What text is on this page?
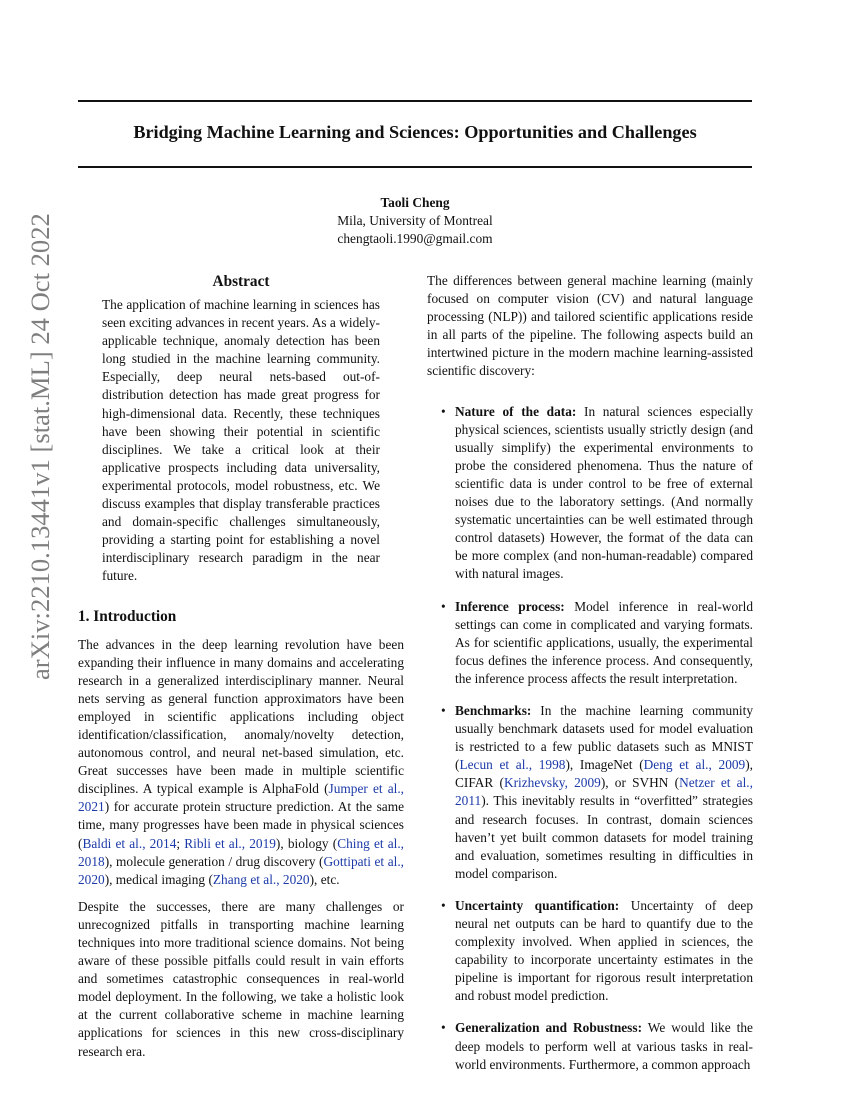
Bridging Machine Learning and Sciences: Opportunities and Challenges
Taoli Cheng
Mila, University of Montreal
chengtaoli.1990@gmail.com
arXiv:2210.13441v1 [stat.ML] 24 Oct 2022	Abstract
The application of machine learning in sciences has seen exciting advances in recent years. As a widely-applicable technique, anomaly detection has been long studied in the machine learning community. Especially, deep neural nets-based out-of-distribution detection has made great progress for high-dimensional data. Recently, these techniques have been showing their potential in scientific disciplines. We take a critical look at their applicative prospects including data universality, experimental protocols, model robustness, etc. We discuss examples that display transferable practices and domain-specific challenges simultaneously, providing a starting point for establishing a novel interdisciplinary research paradigm in the near future.
1. Introduction

The advances in the deep learning revolution have been expanding their influence in many domains and accelerating research in a generalized interdisciplinary manner. Neural nets serving as general function approximators have been employed in scientific applications including object identification/classification, anomaly/novelty detection, autonomous control, and neural net-based simulation, etc. Great successes have been made in multiple scientific disciplines. A typical example is AlphaFold (Jumper et al., 2021) for accurate protein structure prediction. At the same time, many progresses have been made in physical sciences (Baldi et al., 2014; Ribli et al., 2019), biology (Ching et al., 2018), molecule generation / drug discovery (Gottipati et al., 2020), medical imaging (Zhang et al., 2020), etc.

Despite the successes, there are many challenges or unrecognized pitfalls in transporting machine learning techniques into more traditional science domains. Not being aware of these possible pitfalls could result in vain efforts and sometimes catastrophic consequences in real-world model deployment. In the following, we take a holistic look at the current collaborative scheme in machine learning applications for sciences in this new cross-disciplinary research era.

The differences between general machine learning (mainly focused on computer vision (CV) and natural language processing (NLP)) and tailored scientific applications reside in all parts of the pipeline. The following aspects build an intertwined picture in the modern machine learning-assisted scientific discovery:

• Nature of the data: In natural sciences especially physical sciences, scientists usually strictly design (and usually simplify) the experimental environments to probe the considered phenomena. Thus the nature of scientific data is under control to be free of external noises due to the laboratory settings. (And normally systematic uncertainties can be well estimated through control datasets) However, the format of the data can be more complex (and non-human-readable) compared with natural images.
• Inference process: Model inference in real-world settings can come in complicated and varying formats. As for scientific applications, usually, the experimental focus defines the inference process. And consequently, the inference process affects the result interpretation.
• Benchmarks: In the machine learning community usually benchmark datasets used for model evaluation is restricted to a few public datasets such as MNIST (Lecun et al., 1998), ImageNet (Deng et al., 2009), CIFAR (Krizhevsky, 2009), or SVHN (Netzer et al., 2011). This inevitably results in “overfitted” strategies and research focuses. In contrast, domain sciences haven’t yet built common datasets for model training and evaluation, sometimes resulting in difficulties in model comparison.
• Uncertainty quantification: Uncertainty of deep neural net outputs can be hard to quantify due to the complexity involved. When applied in sciences, the capability to incorporate uncertainty estimates in the pipeline is important for rigorous result interpretation and robust model prediction.
• Generalization and Robustness: We would like the deep models to perform well at various tasks in real-world environments. Furthermore, a common approach
